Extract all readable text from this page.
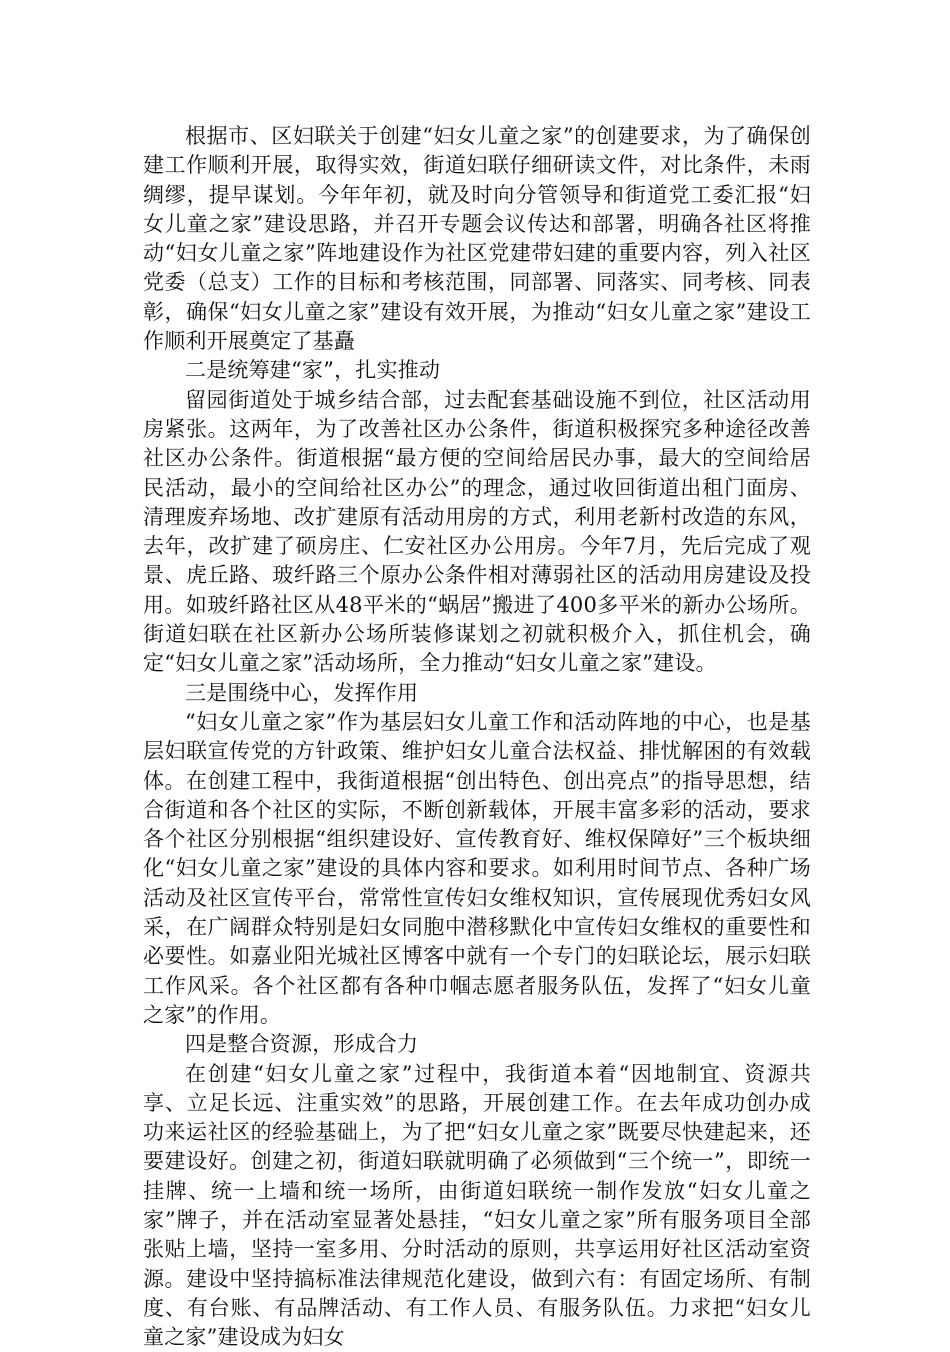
根据市、区妇联关于创建“妇女儿童之家”的创建要求，为了确保创建工作顺利开展，取得实效，街道妇联仔细研读文件，对比条件，未雨绸缪，提早谋划。今年年初，就及时向分管领导和街道党工委汇报“妇女儿童之家”建设思路，并召开专题会议传达和部署，明确各社区将推动“妇女儿童之家”阵地建设作为社区党建带妇建的重要内容，列入社区党委（总支）工作的目标和考核范围，同部署、同落实、同考核、同表彰，确保“妇女儿童之家”建设有效开展，为推动“妇女儿童之家”建设工作顺利开展奠定了基矗

二是统筹建“家”，扎实推动

留园街道处于城乡结合部，过去配套基础设施不到位，社区活动用房紧张。这两年，为了改善社区办公条件，街道积极探究多种途径改善社区办公条件。街道根据“最方便的空间给居民办事，最大的空间给居民活动，最小的空间给社区办公”的理念，通过收回街道出租门面房、清理废弃场地、改扩建原有活动用房的方式，利用老新村改造的东风，去年，改扩建了硕房庄、仁安社区办公用房。今年7月，先后完成了观景、虎丘路、玻纤路三个原办公条件相对薄弱社区的活动用房建设及投用。如玻纤路社区从48平米的“蜗居”搬进了400多平米的新办公场所。街道妇联在社区新办公场所装修谋划之初就积极介入，抓住机会，确定“妇女儿童之家”活动场所，全力推动“妇女儿童之家”建设。

三是围绕中心，发挥作用

“妇女儿童之家”作为基层妇女儿童工作和活动阵地的中心，也是基层妇联宣传党的方针政策、维护妇女儿童合法权益、排忧解困的有效载体。在创建工程中，我街道根据“创出特色、创出亮点”的指导思想，结合街道和各个社区的实际，不断创新载体，开展丰富多彩的活动，要求各个社区分别根据“组织建设好、宣传教育好、维权保障好”三个板块细化“妇女儿童之家”建设的具体内容和要求。如利用时间节点、各种广场活动及社区宣传平台，常常性宣传妇女维权知识，宣传展现优秀妇女风采，在广阔群众特别是妇女同胞中潜移默化中宣传妇女维权的重要性和必要性。如嘉业阳光城社区博客中就有一个专门的妇联论坛，展示妇联工作风采。各个社区都有各种巾帼志愿者服务队伍，发挥了“妇女儿童之家”的作用。

四是整合资源，形成合力

在创建“妇女儿童之家”过程中，我街道本着“因地制宜、资源共享、立足长远、注重实效”的思路，开展创建工作。在去年成功创办成功来运社区的经验基础上，为了把“妇女儿童之家”既要尽快建起来，还要建设好。创建之初，街道妇联就明确了必须做到“三个统一”，即统一挂牌、统一上墙和统一场所，由街道妇联统一制作发放“妇女儿童之家”牌子，并在活动室显著处悬挂，“妇女儿童之家”所有服务项目全部张贴上墙，坚持一室多用、分时活动的原则，共享运用好社区活动室资源。建设中坚持搞标准法律规范化建设，做到六有：有固定场所、有制度、有台账、有品牌活动、有工作人员、有服务队伍。力求把“妇女儿童之家”建设成为妇女
